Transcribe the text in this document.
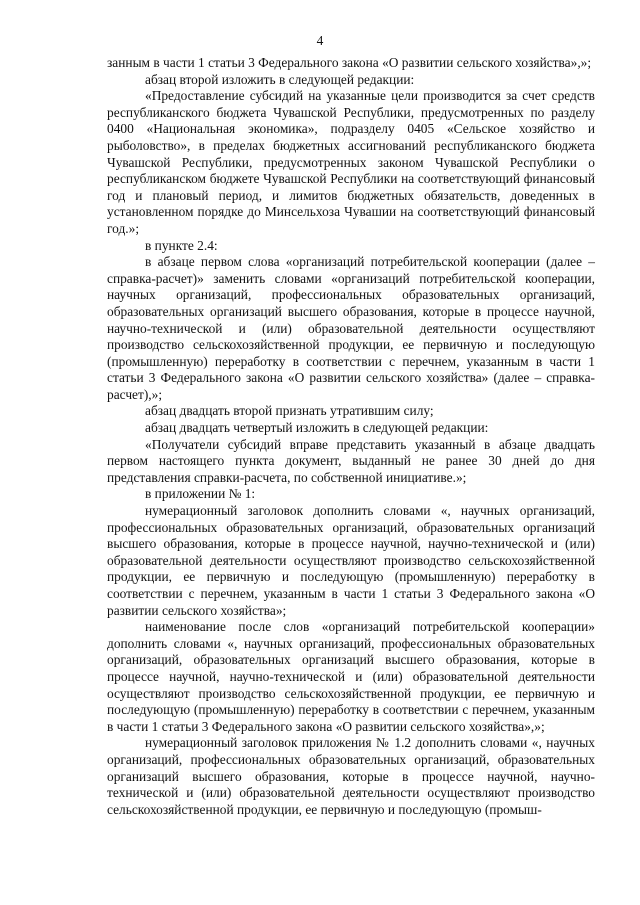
4

занным в части 1 статьи 3 Федерального закона «О развитии сельского хозяйства»,»;

абзац второй изложить в следующей редакции:

«Предоставление субсидий на указанные цели производится за счет средств республиканского бюджета Чувашской Республики, предусмотренных по разделу 0400 «Национальная экономика», подразделу 0405 «Сельское хозяйство и рыболовство», в пределах бюджетных ассигнований республиканского бюджета Чувашской Республики, предусмотренных законом Чувашской Республики о республиканском бюджете Чувашской Республики на соответствующий финансовый год и плановый период, и лимитов бюджетных обязательств, доведенных в установленном порядке до Минсельхоза Чувашии на соответствующий финансовый год.»;

в пункте 2.4:

в абзаце первом слова «организаций потребительской кооперации (далее – справка-расчет)» заменить словами «организаций потребительской кооперации, научных организаций, профессиональных образовательных организаций, образовательных организаций высшего образования, которые в процессе научной, научно-технической и (или) образовательной деятельности осуществляют производство сельскохозяйственной продукции, ее первичную и последующую (промышленную) переработку в соответствии с перечнем, указанным в части 1 статьи 3 Федерального закона «О развитии сельского хозяйства» (далее – справка-расчет),»;

абзац двадцать второй признать утратившим силу;

абзац двадцать четвертый изложить в следующей редакции:

«Получатели субсидий вправе представить указанный в абзаце двадцать первом настоящего пункта документ, выданный не ранее 30 дней до дня представления справки-расчета, по собственной инициативе.»;

в приложении № 1:

нумерационный заголовок дополнить словами «, научных организаций, профессиональных образовательных организаций, образовательных организаций высшего образования, которые в процессе научной, научно-технической и (или) образовательной деятельности осуществляют производство сельскохозяйственной продукции, ее первичную и последующую (промышленную) переработку в соответствии с перечнем, указанным в части 1 статьи 3 Федерального закона «О развитии сельского хозяйства»;

наименование после слов «организаций потребительской кооперации» дополнить словами «, научных организаций, профессиональных образовательных организаций, образовательных организаций высшего образования, которые в процессе научной, научно-технической и (или) образовательной деятельности осуществляют производство сельскохозяйственной продукции, ее первичную и последующую (промышленную) переработку в соответствии с перечнем, указанным в части 1 статьи 3 Федерального закона «О развитии сельского хозяйства»,»;

нумерационный заголовок приложения № 1.2 дополнить словами «, научных организаций, профессиональных образовательных организаций, образовательных организаций высшего образования, которые в процессе научной, научно-технической и (или) образовательной деятельности осуществляют производство сельскохозяйственной продукции, ее первичную и последующую (промыш-
